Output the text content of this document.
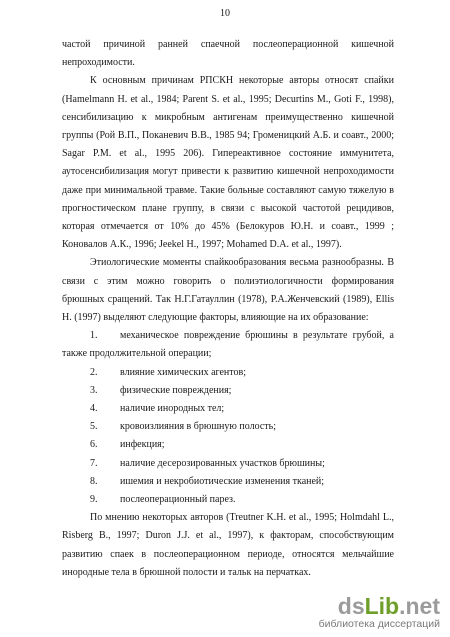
10

частой причиной ранней спаечной послеоперационной кишечной непроходимости.

К основным причинам РПСКН некоторые авторы относят спайки (Hamelmann H. et al., 1984; Parent S. et al., 1995; Decurtins M., Goti F., 1998), сенсибилизацию к микробным антигенам преимущественно кишечной группы (Рой В.П., Поканевич В.В., 1985 94; Громеницкий А.Б. и соавт., 2000; Sagar P.M. et al., 1995 206). Гипереактивное состояние иммунитета, аутосенсибилизация могут привести к развитию кишечной непроходимости даже при минимальной травме. Такие больные составляют самую тяжелую в прогностическом плане группу, в связи с высокой частотой рецидивов, которая отмечается от 10% до 45% (Белокуров Ю.Н. и соавт., 1999 ; Коновалов А.К., 1996; Jeekel H., 1997; Mohamed D.A. et al., 1997).

Этиологические моменты спайкообразования весьма разнообразны. В связи с этим можно говорить о полиэтиологичности формирования брюшных сращений. Так Н.Г.Гатауллин (1978), Р.А.Женчевский (1989), Ellis H. (1997) выделяют следующие факторы, влияющие на их образование:

1. механическое повреждение брюшины в результате грубой, а также продолжительной операции;

2. влияние химических агентов;

3. физические повреждения;

4. наличие инородных тел;

5. кровоизлияния в брюшную полость;

6. инфекция;

7. наличие десерозированных участков брюшины;

8. ишемия и некробиотические изменения тканей;

9. послеоперационный парез.

По мнению некоторых авторов (Treutner K.H. et al., 1995; Holmdahl L., Risberg B., 1997; Duron J.J. et al., 1997), к факторам, способствующим развитию спаек в послеоперационном периоде, относятся мельчайшие инородные тела в брюшной полости и тальк на перчатках.

dsLib.net
библиотека диссертаций
